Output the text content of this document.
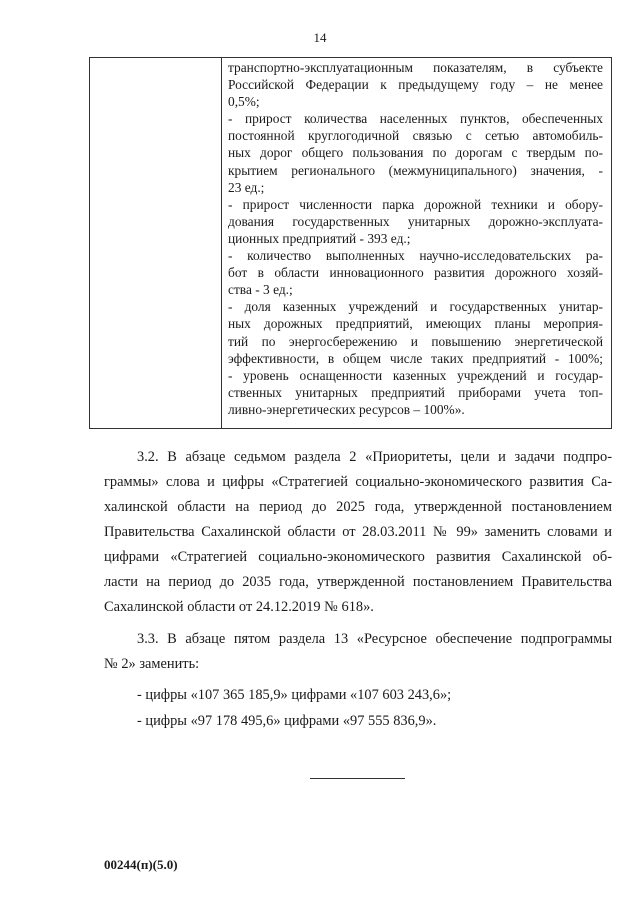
14
транспортно-эксплуатационным показателям, в субъекте
Российской Федерации к предыдущему году – не менее
0,5%;
- прирост количества населенных пунктов, обеспеченных
постоянной круглогодичной связью с сетью автомобиль-
ных дорог общего пользования по дорогам с твердым по-
крытием регионального (межмуниципального) значения, -
23 ед.;
- прирост численности парка дорожной техники и обору-
дования государственных унитарных дорожно-эксплуата-
ционных предприятий - 393 ед.;
- количество выполненных научно-исследовательских ра-
бот в области инновационного развития дорожного хозяй-
ства - 3 ед.;
- доля казенных учреждений и государственных унитар-
ных дорожных предприятий, имеющих планы мероприя-
тий по энергосбережению и повышению энергетической
эффективности, в общем числе таких предприятий - 100%;
- уровень оснащенности казенных учреждений и государ-
ственных унитарных предприятий приборами учета топ-
ливно-энергетических ресурсов – 100%».
3.2. В абзаце седьмом раздела 2 «Приоритеты, цели и задачи подпро-
граммы» слова и цифры «Стратегией социально-экономического развития Са-
халинской области на период до 2025 года, утвержденной постановлением
Правительства Сахалинской области от 28.03.2011 № 99» заменить словами и
цифрами «Стратегией социально-экономического развития Сахалинской об-
ласти на период до 2035 года, утвержденной постановлением Правительства
Сахалинской области от 24.12.2019 № 618».
3.3. В абзаце пятом раздела 13 «Ресурсное обеспечение подпрограммы
№ 2» заменить:
- цифры «107 365 185,9» цифрами «107 603 243,6»;
- цифры «97 178 495,6» цифрами «97 555 836,9».
00244(п)(5.0)
